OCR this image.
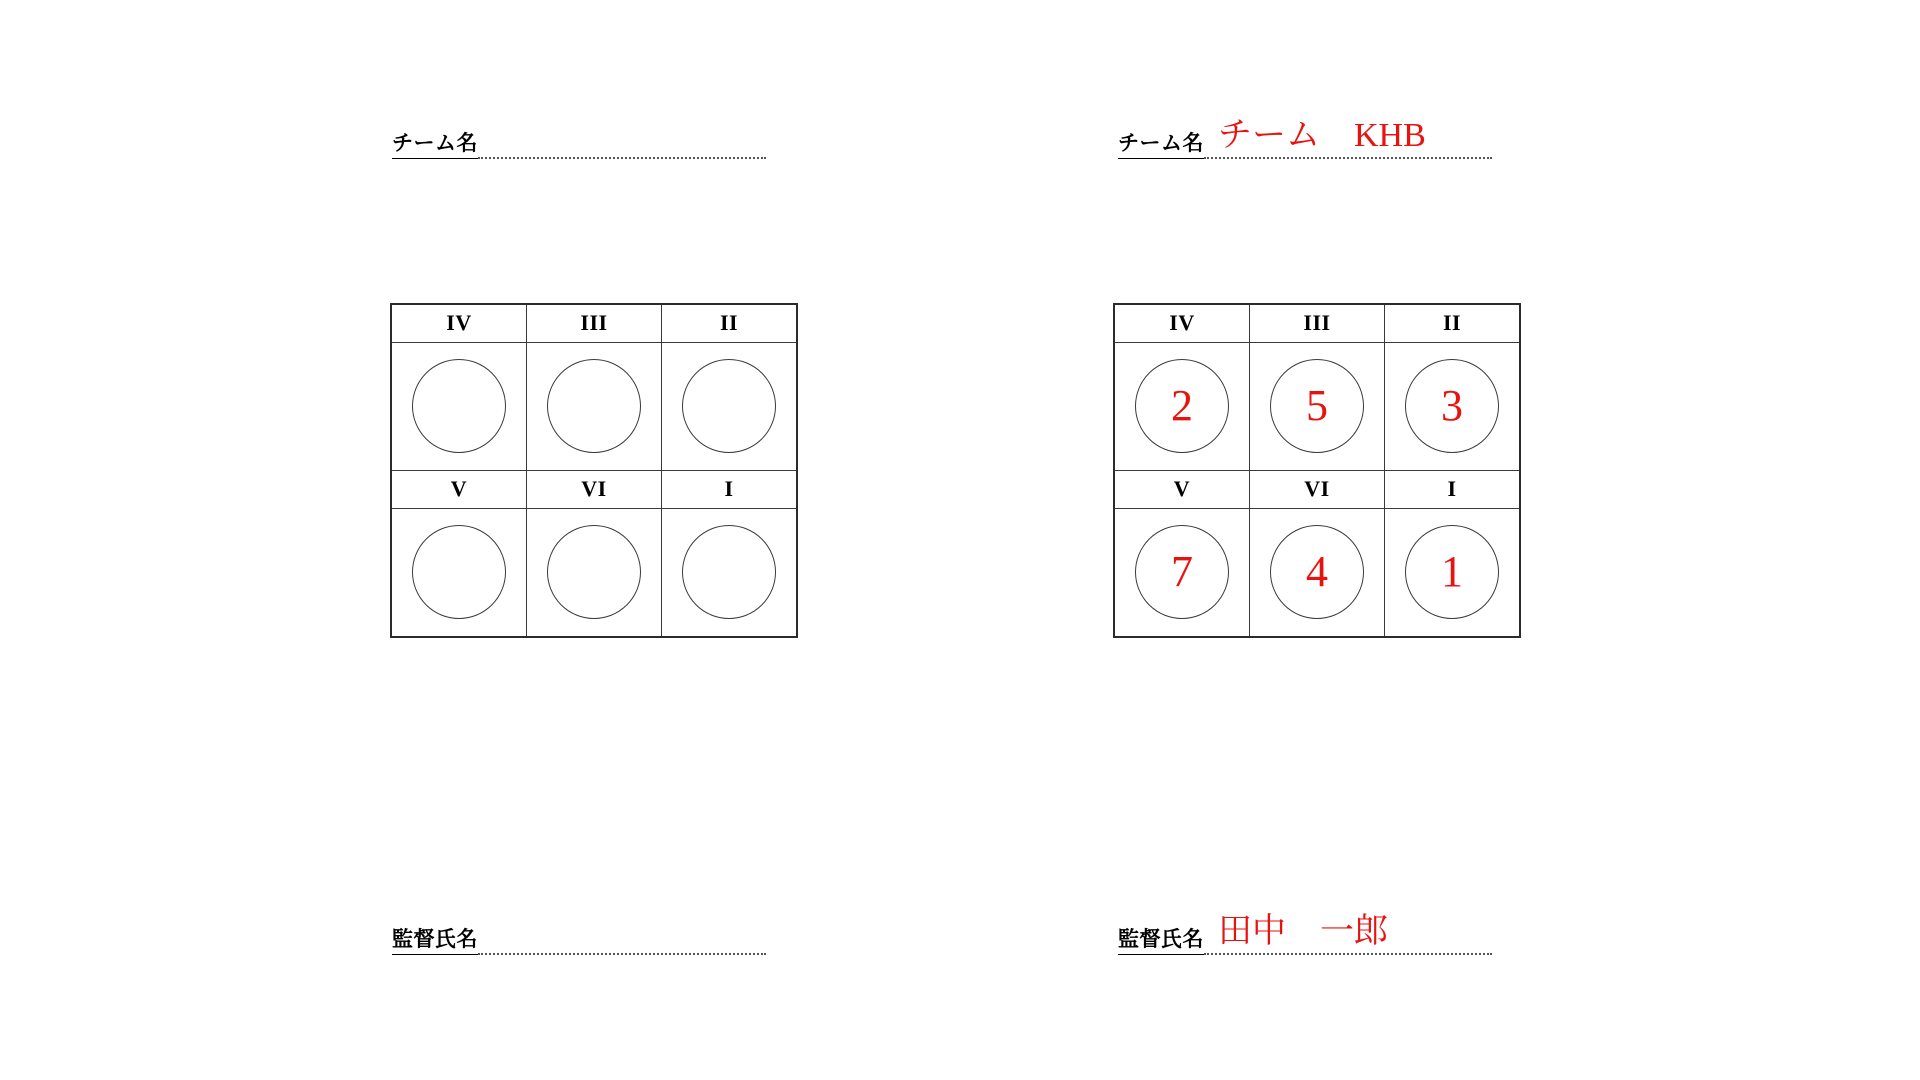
チーム名
IV	III	II
V	VI	I
監督氏名
チーム名 チーム　KHB
IV	III	II
2	5	3
V	VI	I
7	4	1
監督氏名 田中　一郎
